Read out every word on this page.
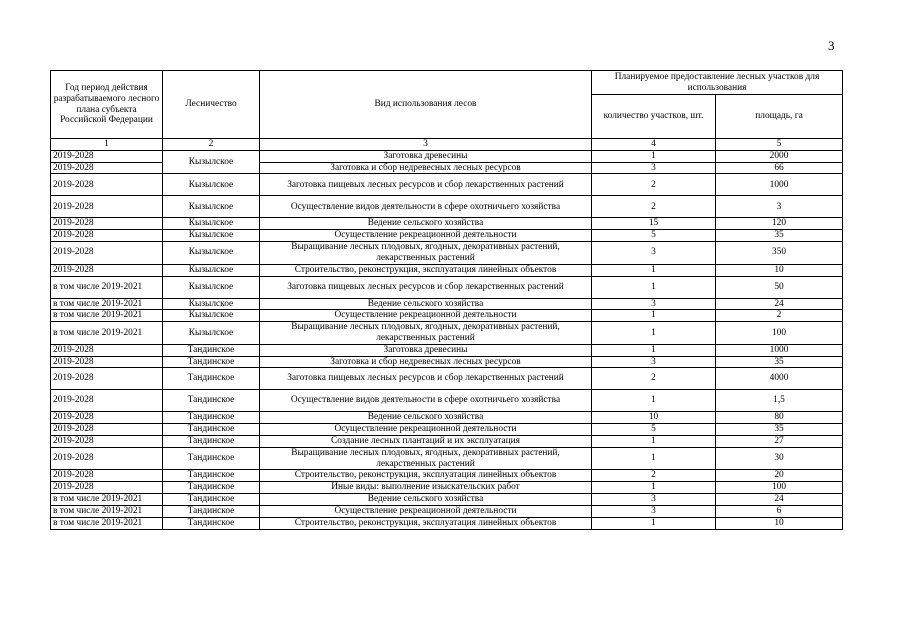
3
Год период действия разрабатываемого лесного плана субъекта Российской Федерации	Лесничество	Вид использования лесов	Планируемое предоставление лесных участков для использования	
			количество участков, шт.	площадь, га
1	2	3	4	5
2019-2028	Кызылское	Заготовка древесины	1	2000
2019-2028		Заготовка и сбор недревесных лесных ресурсов	3	66
2019-2028	Кызылское	Заготовка пищевых лесных ресурсов и сбор лекарственных растений	2	1000
2019-2028	Кызылское	Осуществление видов деятельности в сфере охотничьего хозяйства	2	3
2019-2028	Кызылское	Ведение сельского хозяйства	15	120
2019-2028	Кызылское	Осуществление рекреационной деятельности	5	35
2019-2028	Кызылское	Выращивание лесных плодовых, ягодных, декоративных растений, лекарственных растений	3	350
2019-2028	Кызылское	Строительство, реконструкция, эксплуатация линейных объектов	1	10
в том числе 2019-2021	Кызылское	Заготовка пищевых лесных ресурсов и сбор лекарственных растений	1	50
в том числе 2019-2021	Кызылское	Ведение сельского хозяйства	3	24
в том числе 2019-2021	Кызылское	Осуществление рекреационной деятельности	1	2
в том числе 2019-2021	Кызылское	Выращивание лесных плодовых, ягодных, декоративных растений, лекарственных растений	1	100
2019-2028	Тандинское	Заготовка древесины	1	1000
2019-2028	Тандинское	Заготовка и сбор недревесных лесных ресурсов	3	35
2019-2028	Тандинское	Заготовка пищевых лесных ресурсов и сбор лекарственных растений	2	4000
2019-2028	Тандинское	Осуществление видов деятельности в сфере охотничьего хозяйства	1	1,5
2019-2028	Тандинское	Ведение сельского хозяйства	10	80
2019-2028	Тандинское	Осуществление рекреационной деятельности	5	35
2019-2028	Тандинское	Создание лесных плантаций и их эксплуатация	1	27
2019-2028	Тандинское	Выращивание лесных плодовых, ягодных, декоративных растений, лекарственных растений	1	30
2019-2028	Тандинское	Строительство, реконструкция, эксплуатация линейных объектов	2	20
2019-2028	Тандинское	Иные виды: выполнение изыскательских работ	1	100
в том числе 2019-2021	Тандинское	Ведение сельского хозяйства	3	24
в том числе 2019-2021	Тандинское	Осуществление рекреационной деятельности	3	6
в том числе 2019-2021	Тандинское	Строительство, реконструкция, эксплуатация линейных объектов	1	10
